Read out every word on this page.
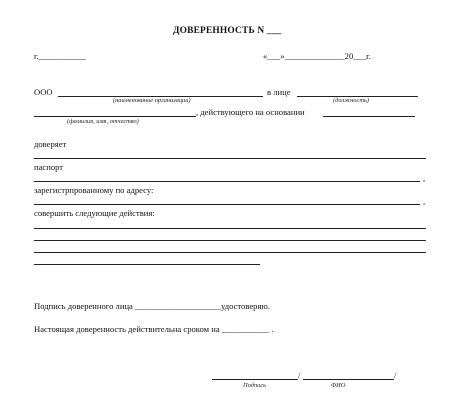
ДОВЕРЕННОСТЬ N ___
г.___________	«___»______________20___г.
ООО	в лице
(наименование организации)	(должность)
, действующего на основании
(фамилия, имя, отчество)
доверяет
паспорт
,
зарегистрпрованному по адресу:
,
совершить следующие действия:
Подпись доверенного лица ____________________удостоверяю.
Настоящая доверенность действительна сроком на ___________ .
/	/
Подпись	ФИО
